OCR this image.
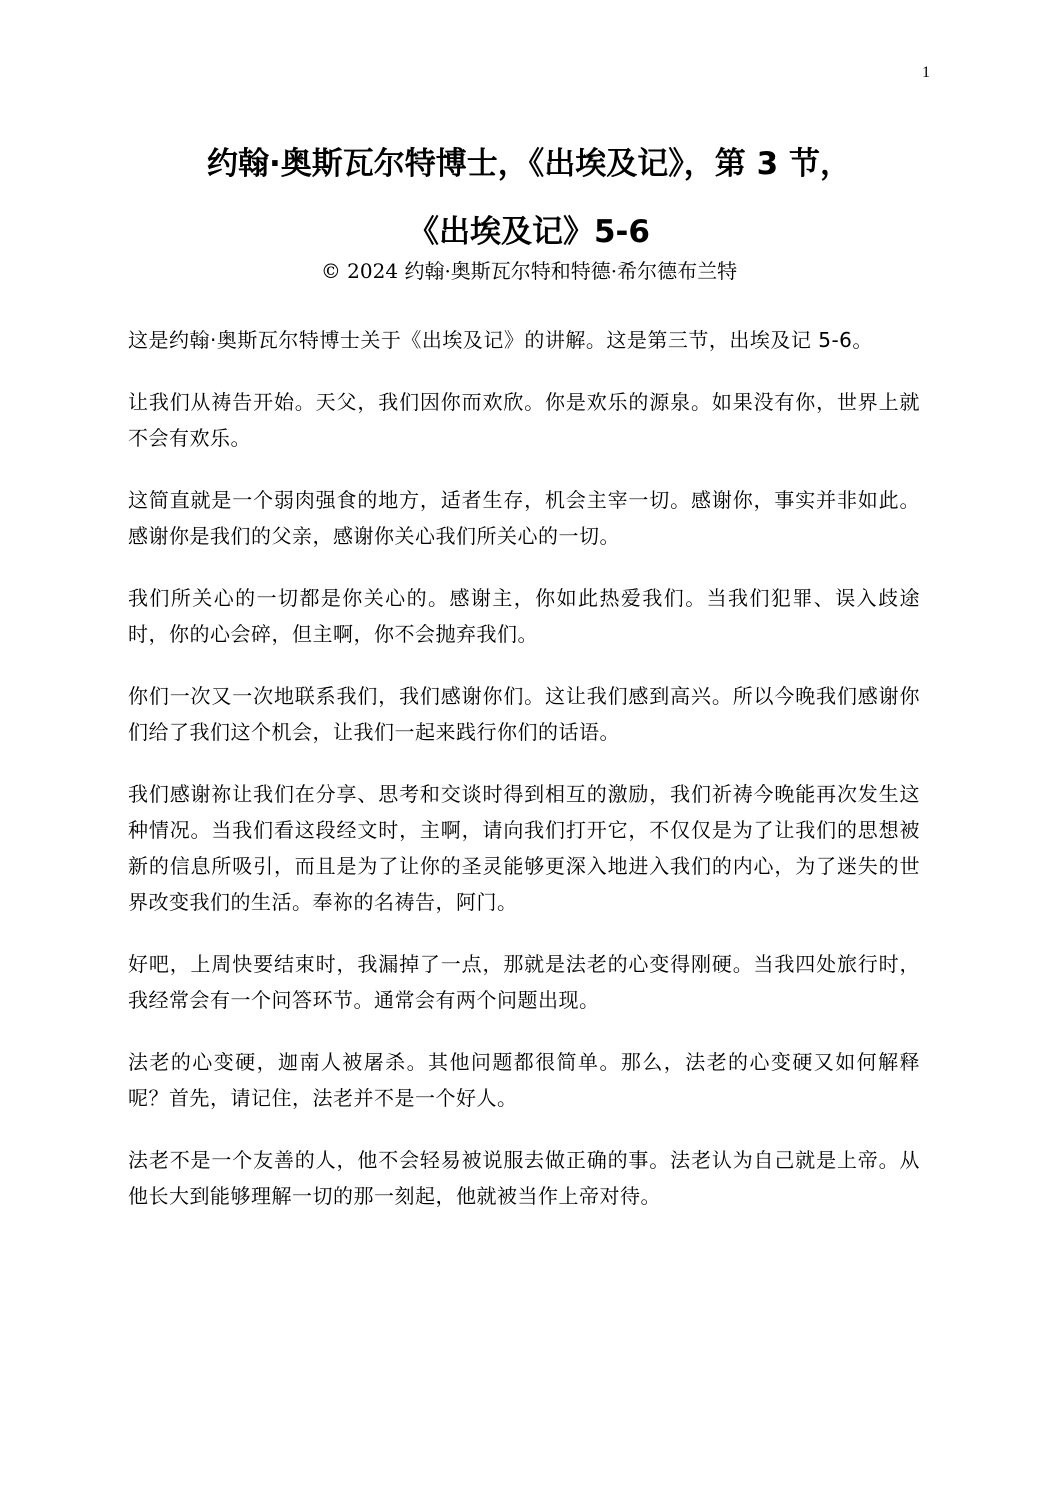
1
约翰·奥斯瓦尔特博士，《出埃及记》，第 3 节，
《出埃及记》5-6
© 2024 约翰·奥斯瓦尔特和特德·希尔德布兰特

这是约翰·奥斯瓦尔特博士关于《出埃及记》的讲解。这是第三节，出埃及记 5-6。

让我们从祷告开始。天父，我们因你而欢欣。你是欢乐的源泉。如果没有你，世界上就不会有欢乐。

这简直就是一个弱肉强食的地方，适者生存，机会主宰一切。感谢你，事实并非如此。感谢你是我们的父亲，感谢你关心我们所关心的一切。

我们所关心的一切都是你关心的。感谢主，你如此热爱我们。当我们犯罪、误入歧途时，你的心会碎，但主啊，你不会抛弃我们。

你们一次又一次地联系我们，我们感谢你们。这让我们感到高兴。所以今晚我们感谢你们给了我们这个机会，让我们一起来践行你们的话语。

我们感谢祢让我们在分享、思考和交谈时得到相互的激励，我们祈祷今晚能再次发生这种情况。当我们看这段经文时，主啊，请向我们打开它，不仅仅是为了让我们的思想被新的信息所吸引，而且是为了让你的圣灵能够更深入地进入我们的内心，为了迷失的世界改变我们的生活。奉祢的名祷告，阿门。

好吧，上周快要结束时，我漏掉了一点，那就是法老的心变得刚硬。当我四处旅行时，我经常会有一个问答环节。通常会有两个问题出现。

法老的心变硬，迦南人被屠杀。其他问题都很简单。那么，法老的心变硬又如何解释呢？首先，请记住，法老并不是一个好人。

法老不是一个友善的人，他不会轻易被说服去做正确的事。法老认为自己就是上帝。从他长大到能够理解一切的那一刻起，他就被当作上帝对待。
